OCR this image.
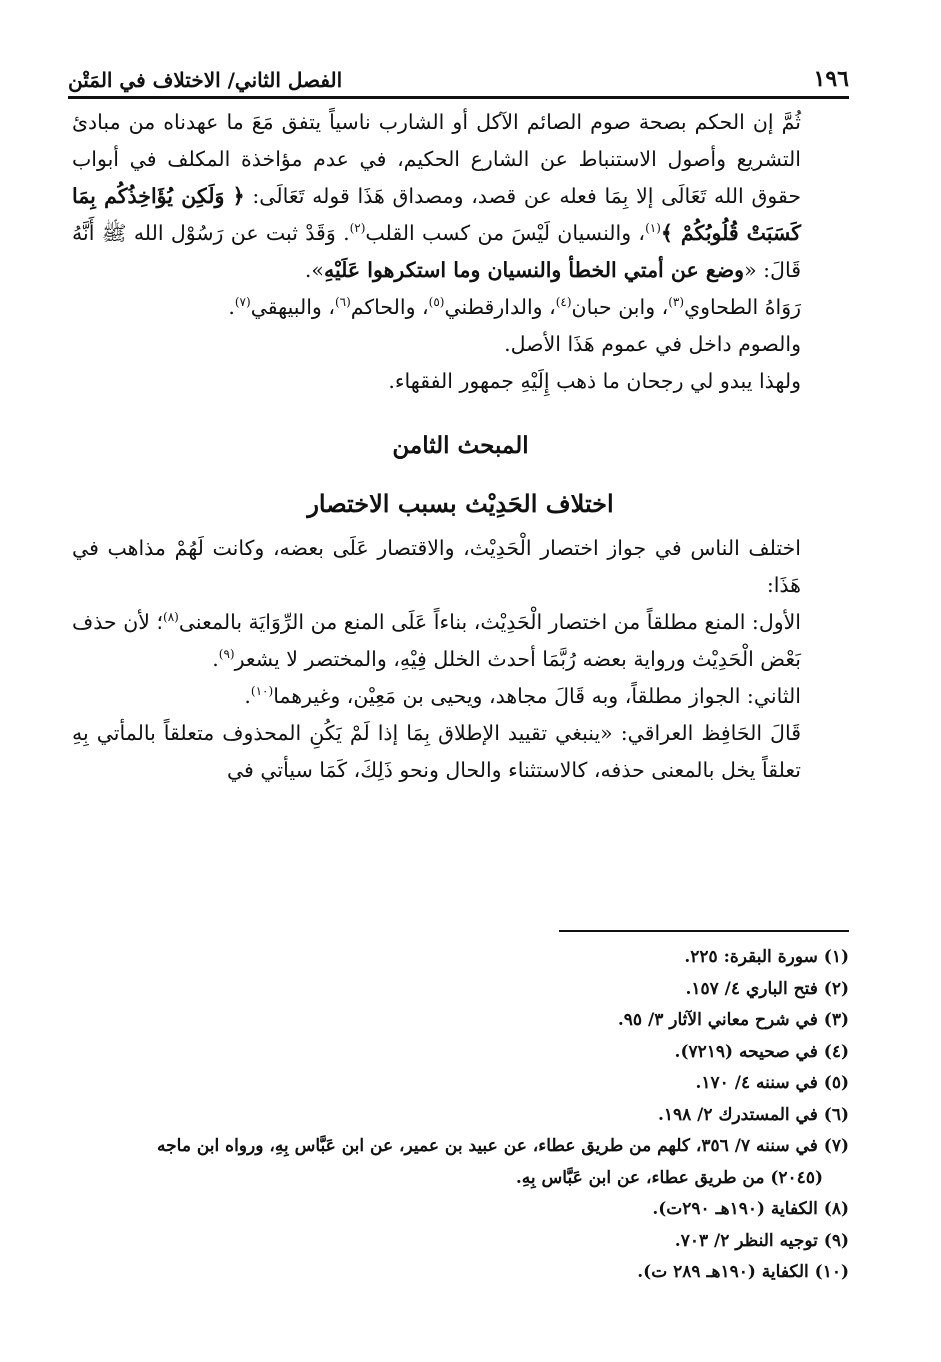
١٩٦
الفصل الثاني/ الاختلاف في المَتْن

ثُمَّ إن الحكم بصحة صوم الصائم الآكل أو الشارب ناسياً يتفق مَعَ ما عهدناه من مبادئ التشريع وأصول الاستنباط عن الشارع الحكيم، في عدم مؤاخذة المكلف في أبواب حقوق الله تَعَالَى إلا بِمَا فعله عن قصد، ومصداق هَذَا قوله تَعَالَى: ﴿ وَلَكِن يُؤَاخِذُكُم بِمَا كَسَبَتْ قُلُوبُكُمْ ﴾$^{(١)}$، والنسيان لَيْسَ من كسب القلب$^{(٢)}$. وَقَدْ ثبت عن رَسُوْل الله ﷺ أَنَّهُ قَالَ: «وضع عن أمتي الخطأ والنسيان وما استكرهوا عَلَيْهِ».

رَوَاهُ الطحاوي$^{(٣)}$، وابن حبان$^{(٤)}$، والدارقطني$^{(٥)}$، والحاكم$^{(٦)}$، والبيهقي$^{(٧)}$.

والصوم داخل في عموم هَذَا الأصل.

ولهذا يبدو لي رجحان ما ذهب إِلَيْهِ جمهور الفقهاء.

المبحث الثامن
اختلاف الحَدِيْث بسبب الاختصار

اختلف الناس في جواز اختصار الْحَدِيْث، والاقتصار عَلَى بعضه، وكانت لَهُمْ مذاهب في هَذَا:

الأول: المنع مطلقاً من اختصار الْحَدِيْث، بناءاً عَلَى المنع من الرِّوَايَة بالمعنى$^{(٨)}$؛ لأن حذف بَعْض الْحَدِيْث ورواية بعضه رُبَّمَا أحدث الخلل فِيْهِ، والمختصر لا يشعر$^{(٩)}$.

الثاني: الجواز مطلقاً، وبه قَالَ مجاهد، ويحيى بن مَعِيْن، وغيرهما$^{(١٠)}$.

قَالَ الحَافِظ العراقي: «ينبغي تقييد الإطلاق بِمَا إذا لَمْ يَكُنِ المحذوف متعلقاً بالمأتي بِهِ تعلقاً يخل بالمعنى حذفه، كالاستثناء والحال ونحو ذَلِكَ، كَمَا سيأتي في

(١) سورة البقرة: ٢٢٥.
(٢) فتح الباري ٤/ ١٥٧.
(٣) في شرح معاني الآثار ٣/ ٩٥.
(٤) في صحيحه (٧٢١٩).
(٥) في سننه ٤/ ١٧٠.
(٦) في المستدرك ٢/ ١٩٨.
(٧) في سننه ٧/ ٣٥٦، كلهم من طريق عطاء، عن عبيد بن عمير، عن ابن عَبَّاس بِهِ، ورواه ابن ماجه
(٢٠٤٥) من طريق عطاء، عن ابن عَبَّاس بِهِ.
(٨) الكفاية (١٩٠هـ ٢٩٠ت).
(٩) توجيه النظر ٢/ ٧٠٣.
(١٠) الكفاية (١٩٠هـ ٢٨٩ ت).
